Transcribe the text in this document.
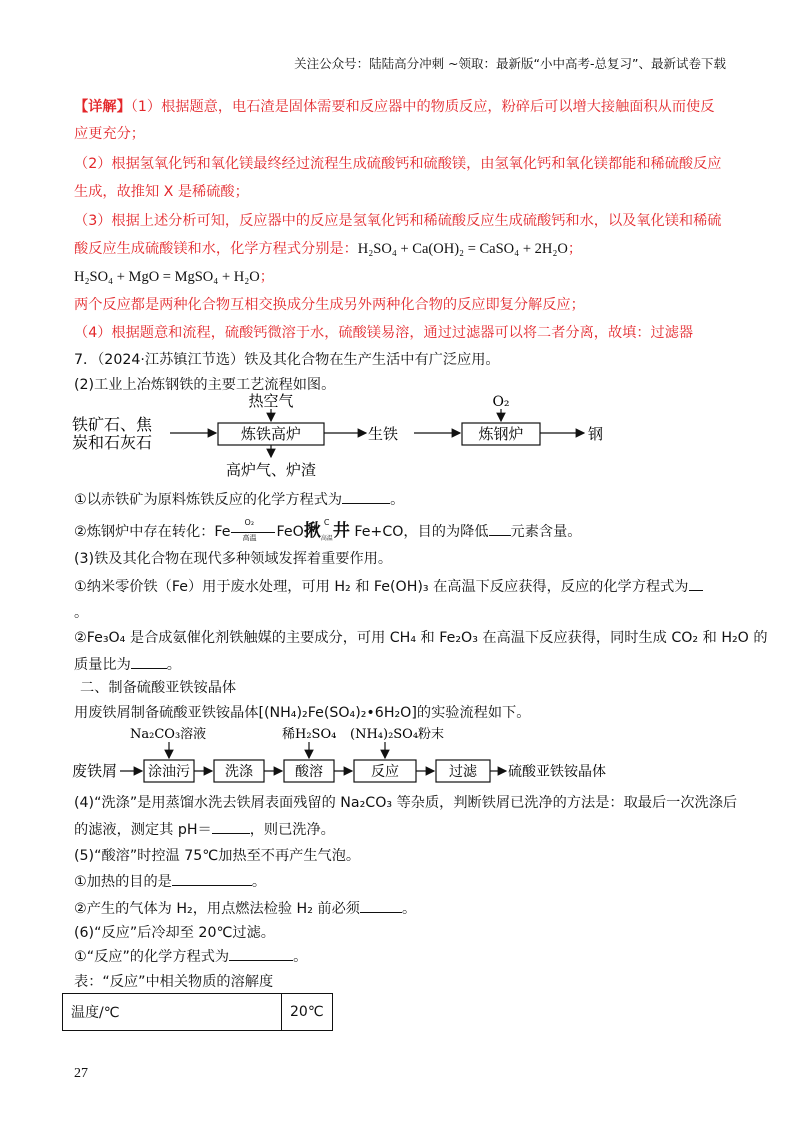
关注公众号：陆陆高分冲刺 ~领取：最新版“小中高考-总复习”、最新试卷下载
【详解】（1）根据题意，电石渣是固体需要和反应器中的物质反应，粉碎后可以增大接触面积从而使反
应更充分；
（2）根据氢氧化钙和氧化镁最终经过流程生成硫酸钙和硫酸镁，由氢氧化钙和氧化镁都能和稀硫酸反应
生成，故推知 X 是稀硫酸；
（3）根据上述分析可知，反应器中的反应是氢氧化钙和稀硫酸反应生成硫酸钙和水，以及氧化镁和稀硫
酸反应生成硫酸镁和水，化学方程式分别是：H₂SO₄ + Ca(OH)₂ = CaSO₄ + 2H₂O；
H₂SO₄ + MgO = MgSO₄ + H₂O；
两个反应都是两种化合物互相交换成分生成另外两种化合物的反应即复分解反应；
（4）根据题意和流程，硫酸钙微溶于水，硫酸镁易溶，通过过滤器可以将二者分离，故填：过滤器
7．（2024·江苏镇江节选）铁及其化合物在生产生活中有广泛应用。
(2)工业上冶炼钢铁的主要工艺流程如图。
铁矿石、焦
炭和石灰石	炼铁高炉
热空气
高炉气、炉渣
生铁	炼钢炉
O₂
钢
①以赤铁矿为原料炼铁反应的化学方程式为	。
②炼钢炉中存在转化：Fe
O₂
高温 FeO揪 C
高温 井 Fe+CO，目的为降低 元素含量。
(3)铁及其化合物在现代多种领域发挥着重要作用。
①纳米零价铁（Fe）用于废水处理，可用 H₂ 和 Fe(OH)₃ 在高温下反应获得，反应的化学方程式为
。
②Fe₃O₄ 是合成氨催化剂铁触媒的主要成分，可用 CH₄ 和 Fe₂O₃ 在高温下反应获得，同时生成 CO₂ 和 H₂O 的
质量比为	。
二、制备硫酸亚铁铵晶体
用废铁屑制备硫酸亚铁铵晶体[(NH₄)₂Fe(SO₄)₂•6H₂O]的实验流程如下。
废铁屑 涂油污
Na₂CO₃溶液
洗涤	酸溶
稀H₂SO₄
反应
(NH₄)₂SO₄粉末
过滤 硫酸亚铁铵晶体
(4)“洗涤”是用蒸馏水洗去铁屑表面残留的 Na₂CO₃ 等杂质，判断铁屑已洗净的方法是：取最后一次洗涤后
的滤液，测定其 pH＝	，则已洗净。
(5)“酸溶”时控温 75℃加热至不再产生气泡。
①加热的目的是	。
②产生的气体为 H₂，用点燃法检验 H₂ 前必须	。
(6)“反应”后冷却至 20℃过滤。
①“反应”的化学方程式为	。
表：“反应”中相关物质的溶解度
温度/℃	20℃
27
